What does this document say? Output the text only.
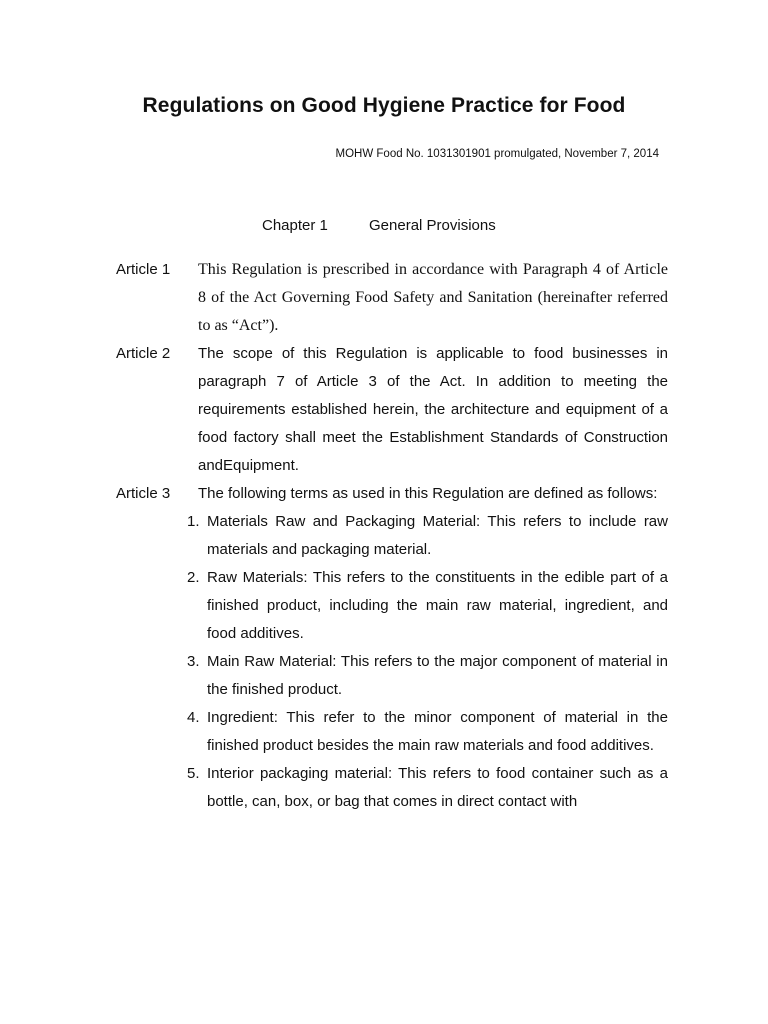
Regulations on Good Hygiene Practice for Food
MOHW Food No. 1031301901 promulgated, November 7, 2014
Chapter 1	General Provisions
Article 1	This Regulation is prescribed in accordance with Paragraph 4 of Article 8 of the Act Governing Food Safety and Sanitation (hereinafter referred to as “Act”).
Article 2	The scope of this Regulation is applicable to food businesses in paragraph 7 of Article 3 of the Act. In addition to meeting the requirements established herein, the architecture and equipment of a food factory shall meet the Establishment Standards of Construction andEquipment.
Article 3	The following terms as used in this Regulation are defined as follows:
1. Materials Raw and Packaging Material: This refers to include raw materials and packaging material.
2. Raw Materials: This refers to the constituents in the edible part of a finished product, including the main raw material, ingredient, and food additives.
3. Main Raw Material: This refers to the major component of material in the finished product.
4. Ingredient: This refer to the minor component of material in the finished product besides the main raw materials and food additives.
5. Interior packaging material: This refers to food container such as a bottle, can, box, or bag that comes in direct contact with
